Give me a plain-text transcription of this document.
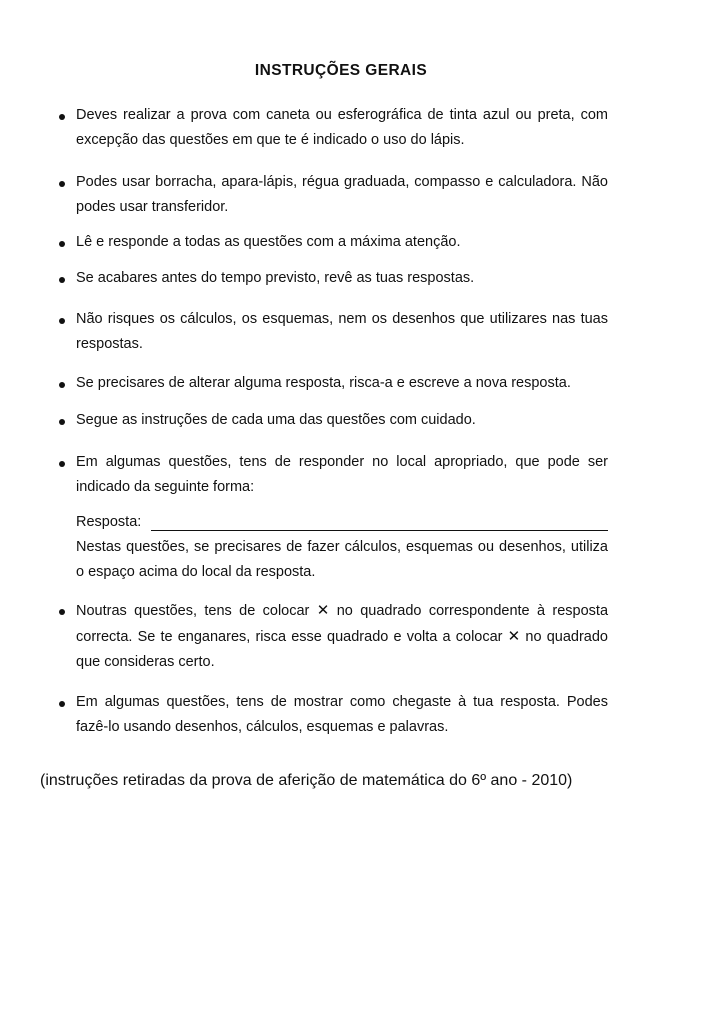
INSTRUÇÕES GERAIS

Deves realizar a prova com caneta ou esferográfica de tinta azul ou preta, com excepção das questões em que te é indicado o uso do lápis.

Podes usar borracha, apara-lápis, régua graduada, compasso e calculadora. Não podes usar transferidor.

Lê e responde a todas as questões com a máxima atenção.

Se acabares antes do tempo previsto, revê as tuas respostas.

Não risques os cálculos, os esquemas, nem os desenhos que utilizares nas tuas respostas.

Se precisares de alterar alguma resposta, risca-a e escreve a nova resposta.

Segue as instruções de cada uma das questões com cuidado.

Em algumas questões, tens de responder no local apropriado, que pode ser indicado da seguinte forma:

Resposta:

Nestas questões, se precisares de fazer cálculos, esquemas ou desenhos, utiliza o espaço acima do local da resposta.

Noutras questões, tens de colocar ✕ no quadrado correspondente à resposta correcta. Se te enganares, risca esse quadrado e volta a colocar ✕ no quadrado que consideras certo.

Em algumas questões, tens de mostrar como chegaste à tua resposta. Podes fazê-lo usando desenhos, cálculos, esquemas e palavras.

(instruções retiradas da prova de aferição de matemática do 6º ano - 2010)
